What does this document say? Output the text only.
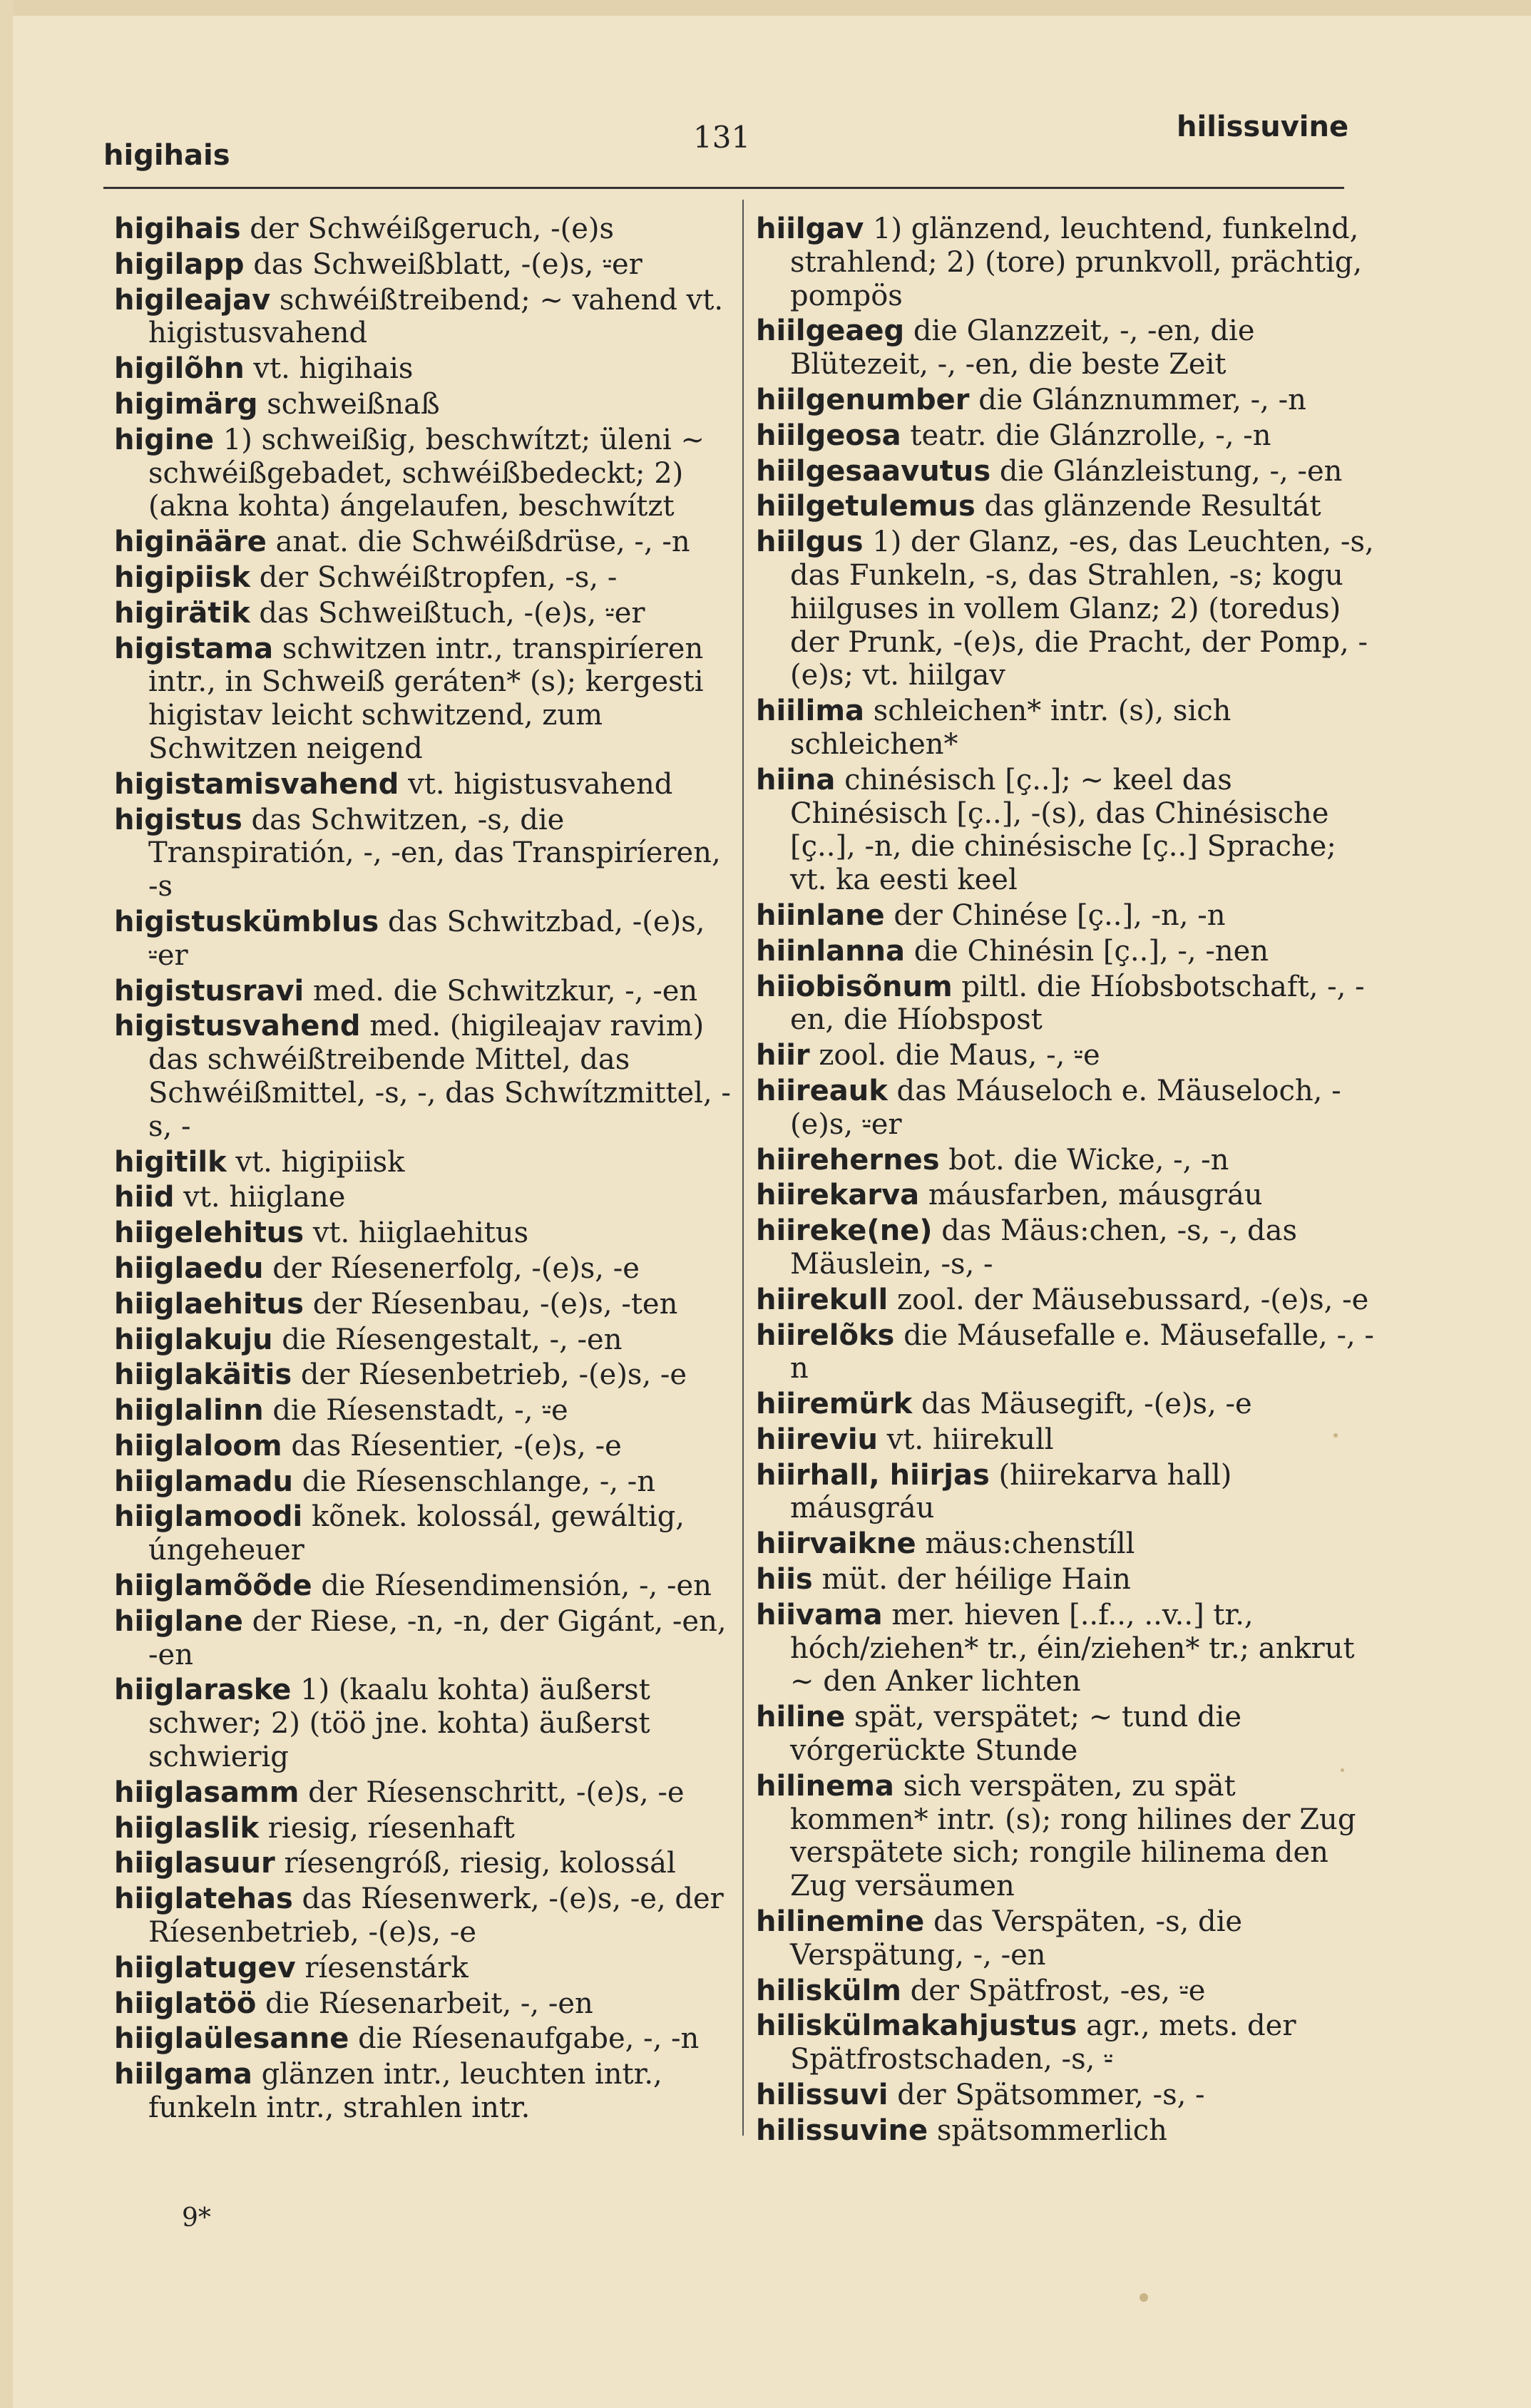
higihais
131	hilissuvine
higihais der Schwéißgeruch, -(e)s
higilapp das Schweißblatt, -(e)s, ⸚er
higileajav schwéißtreibend; ~ vahend vt. higistusvahend
higilõhn vt. higihais
higimärg schweißnaß
higine 1) schweißig, beschwítzt; üleni ~ schwéißgebadet, schwéißbedeckt; 2) (akna kohta) ángelaufen, beschwítzt
higinääre anat. die Schwéißdrüse, -, -n
higipiisk der Schwéißtropfen, -s, -
higirätik das Schweißtuch, -(e)s, ⸚er
higistama schwitzen intr., transpiríeren intr., in Schweiß geráten* (s); kergesti higistav leicht schwitzend, zum Schwitzen neigend
higistamisvahend vt. higistusvahend
higistus das Schwitzen, -s, die Transpiratión, -, -en, das Transpiríeren, -s
higistuskümblus das Schwitzbad, -(e)s, ⸚er
higistusravi med. die Schwitzkur, -, -en
higistusvahend med. (higileajav ravim) das schwéißtreibende Mittel, das Schwéißmittel, -s, -, das Schwítzmittel, -s, -
higitilk vt. higipiisk
hiid vt. hiiglane
hiigelehitus vt. hiiglaehitus
hiiglaedu der Ríesenerfolg, -(e)s, -e
hiiglaehitus der Ríesenbau, -(e)s, -ten
hiiglakuju die Ríesengestalt, -, -en
hiiglakäitis der Ríesenbetrieb, -(e)s, -e
hiiglalinn die Ríesenstadt, -, ⸚e
hiiglaloom das Ríesentier, -(e)s, -e
hiiglamadu die Ríesenschlange, -, -n
hiiglamoodi kõnek. kolossál, gewáltig, úngeheuer
hiiglamõõde die Ríesendimensión, -, -en
hiiglane der Riese, -n, -n, der Gigánt, -en, -en
hiiglaraske 1) (kaalu kohta) äußerst schwer; 2) (töö jne. kohta) äußerst schwierig
hiiglasamm der Ríesenschritt, -(e)s, -e
hiiglaslik riesig, ríesenhaft
hiiglasuur ríesengróß, riesig, kolossál
hiiglatehas das Ríesenwerk, -(e)s, -e, der Ríesenbetrieb, -(e)s, -e
hiiglatugev ríesenstárk
hiiglatöö die Ríesenarbeit, -, -en
hiiglaülesanne die Ríesenaufgabe, -, -n
hiilgama glänzen intr., leuchten intr., funkeln intr., strahlen intr.
hiilgav 1) glänzend, leuchtend, funkelnd, strahlend; 2) (tore) prunkvoll, prächtig, pompös
hiilgeaeg die Glanzzeit, -, -en, die Blütezeit, -, -en, die beste Zeit
hiilgenumber die Glánznummer, -, -n
hiilgeosa teatr. die Glánzrolle, -, -n
hiilgesaavutus die Glánzleistung, -, -en
hiilgetulemus das glänzende Resultát
hiilgus 1) der Glanz, -es, das Leuchten, -s, das Funkeln, -s, das Strahlen, -s; kogu hiilguses in vollem Glanz; 2) (toredus) der Prunk, -(e)s, die Pracht, der Pomp, -(e)s; vt. hiilgav
hiilima schleichen* intr. (s), sich schleichen*
hiina chinésisch [ç..]; ~ keel das Chinésisch [ç..], -(s), das Chinésische [ç..], -n, die chinésische [ç..] Sprache; vt. ka eesti keel
hiinlane der Chinése [ç..], -n, -n
hiinlanna die Chinésin [ç..], -, -nen
hiiobisõnum piltl. die Híobsbotschaft, -, -en, die Híobspost
hiir zool. die Maus, -, ⸚e
hiireauk das Máuseloch e. Mäuseloch, -(e)s, ⸚er
hiirehernes bot. die Wicke, -, -n
hiirekarva máusfarben, máusgráu
hiireke(ne) das Mäus:chen, -s, -, das Mäuslein, -s, -
hiirekull zool. der Mäusebussard, -(e)s, -e
hiirelõks die Máusefalle e. Mäusefalle, -, -n
hiiremürk das Mäusegift, -(e)s, -e
hiireviu vt. hiirekull
hiirhall, hiirjas (hiirekarva hall) máusgráu
hiirvaikne mäus:chenstíll
hiis müt. der héilige Hain
hiivama mer. hieven [..f.., ..v..] tr., hóch/ziehen* tr., éin/ziehen* tr.; ankrut ~ den Anker lichten
hiline spät, verspätet; ~ tund die vórgerückte Stunde
hilinema sich verspäten, zu spät kommen* intr. (s); rong hilines der Zug verspätete sich; rongile hilinema den Zug versäumen
hilinemine das Verspäten, -s, die Verspätung, -, -en
hiliskülm der Spätfrost, -es, ⸚e
hiliskülmakahjustus agr., mets. der Spätfrostschaden, -s, ⸚
hilissuvi der Spätsommer, -s, -
hilissuvine spätsommerlich
9*
